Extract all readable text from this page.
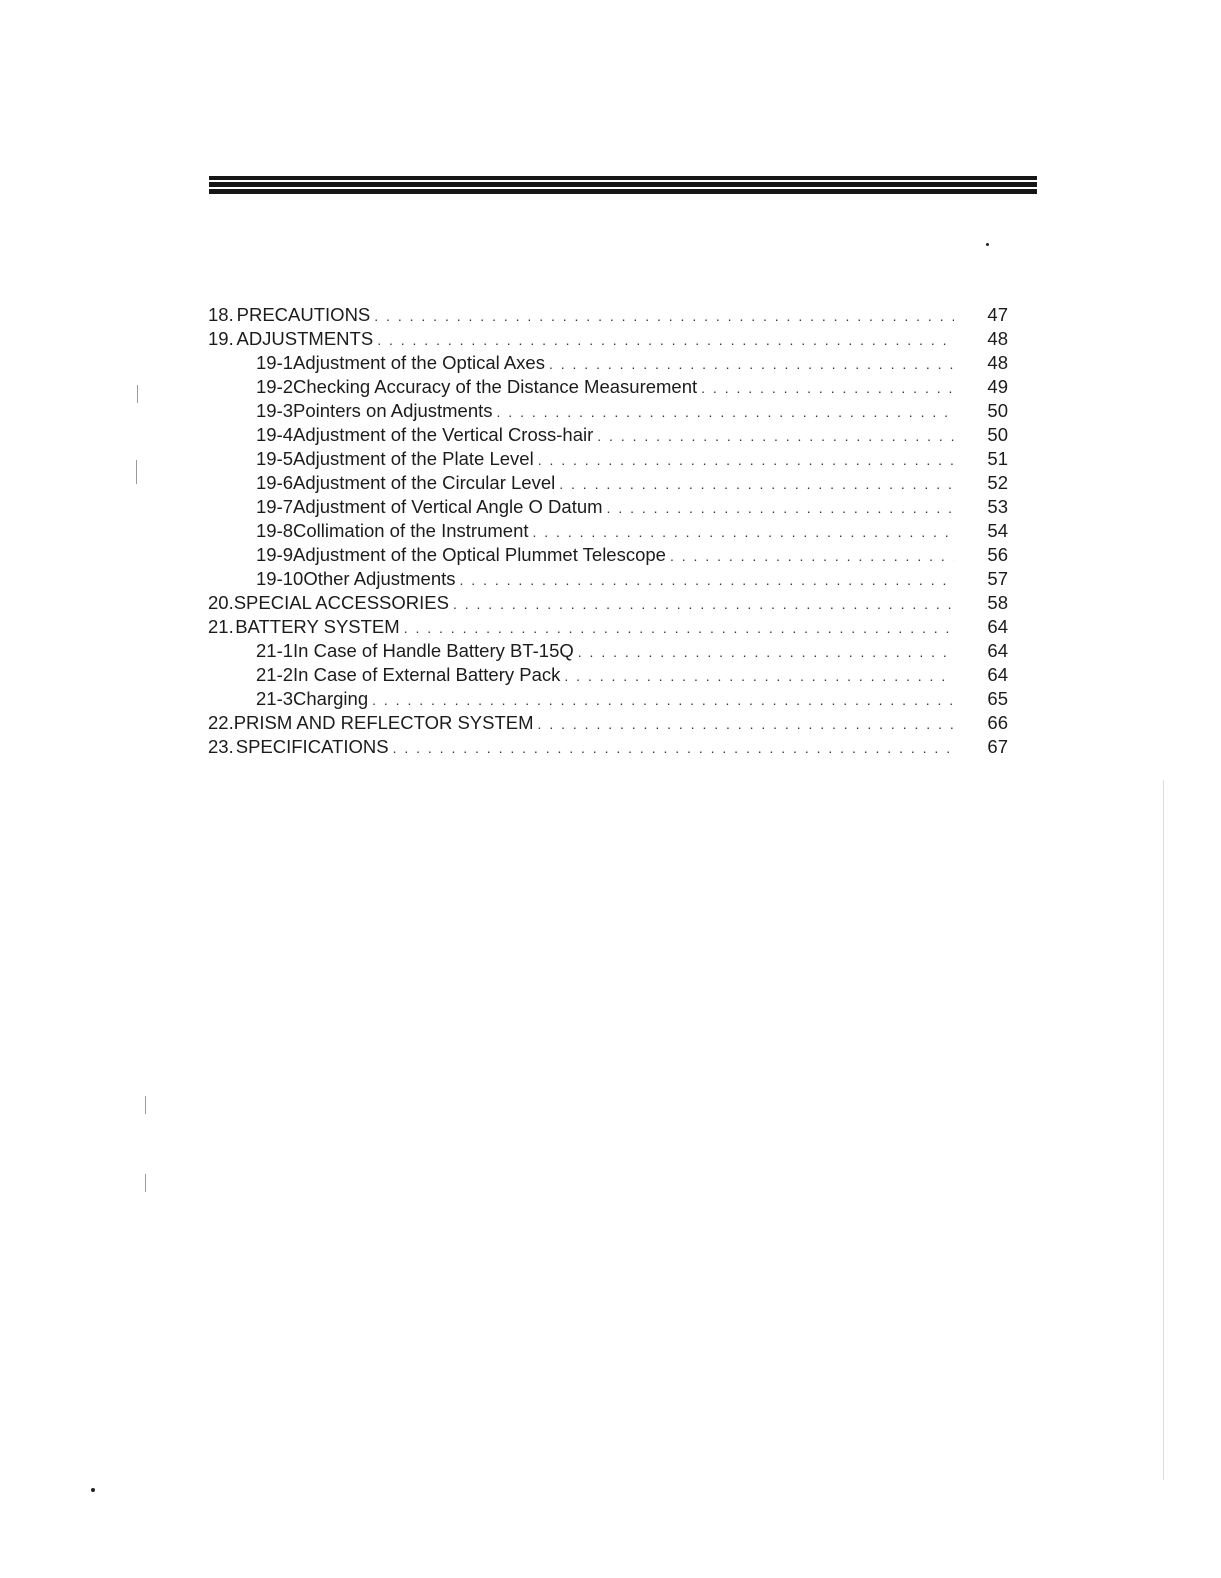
18. PRECAUTIONS . . .	47
19. ADJUSTMENTS . . .	48
19-1 Adjustment of the Optical Axes . . .	48
19-2 Checking Accuracy of the Distance Measurement . . .	49
19-3 Pointers on Adjustments . . .	50
19-4 Adjustment of the Vertical Cross-hair . . .	50
19-5 Adjustment of the Plate Level . . .	51
19-6 Adjustment of the Circular Level . . .	52
19-7 Adjustment of Vertical Angle O Datum . . .	53
19-8 Collimation of the Instrument . . .	54
19-9 Adjustment of the Optical Plummet Telescope . . .	56
19-10 Other Adjustments . . .	57
20. SPECIAL ACCESSORIES . . .	58
21. BATTERY SYSTEM . . .	64
21-1 In Case of Handle Battery BT-15Q . . .	64
21-2 In Case of External Battery Pack . . .	64
21-3 Charging . . .	65
22. PRISM AND REFLECTOR SYSTEM . . .	66
23. SPECIFICATIONS . . .	67
